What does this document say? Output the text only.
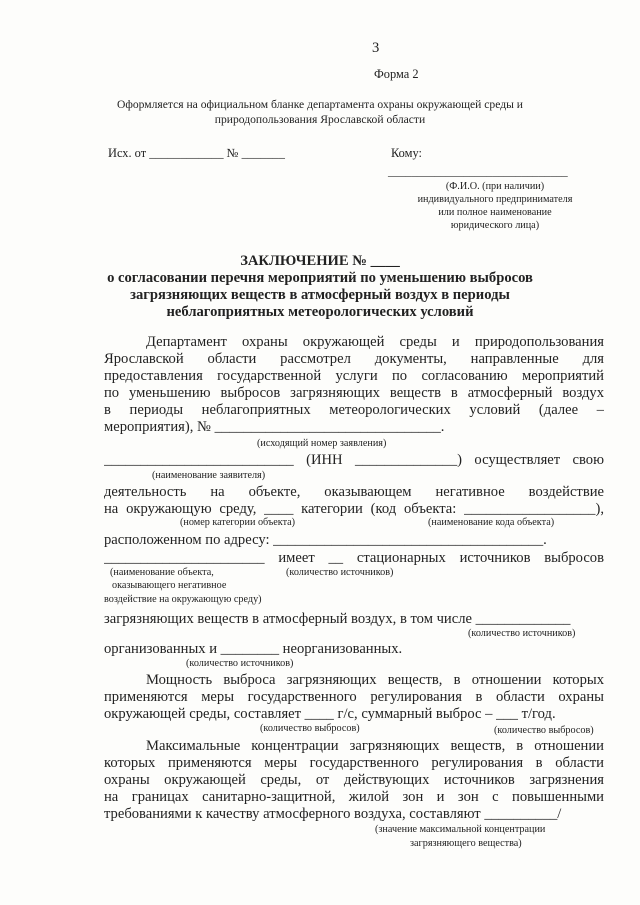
3
Форма 2
Оформляется на официальном бланке департамента охраны окружающей среды и
природопользования Ярославской области
Исх. от ____________ № _______	Кому:
_______________________________
(Ф.И.О. (при наличии)
индивидуального предпринимателя
или полное наименование
юридического лица)
ЗАКЛЮЧЕНИЕ № ____
о согласовании перечня мероприятий по уменьшению выбросов
загрязняющих веществ в атмосферный воздух в периоды
неблагоприятных метеорологических условий
Департамент охраны окружающей среды и природопользования
Ярославской области рассмотрел документы, направленные для
предоставления государственной услуги по согласованию мероприятий
по уменьшению выбросов загрязняющих веществ в атмосферный воздух
в периоды неблагоприятных метеорологических условий (далее –
мероприятия), № _______________________________.
(исходящий номер заявления)
__________________________ (ИНН ______________) осуществляет свою
(наименование заявителя)
деятельность на объекте, оказывающем негативное воздействие
на окружающую среду, ____ категории (код объекта: __________________),
(номер категории объекта)	(наименование кода объекта)
расположенном по адресу: _____________________________________.
______________________ имеет __ стационарных источников выбросов
(наименование объекта,
оказывающего негативное
воздействие на окружающую среду)
(количество источников)
загрязняющих веществ в атмосферный воздух, в том числе _____________
(количество источников)
организованных и ________ неорганизованных.
(количество источников)
Мощность выброса загрязняющих веществ, в отношении которых
применяются меры государственного регулирования в области охраны
окружающей среды, составляет ____ г/с, суммарный выброс – ___ т/год.
(количество выбросов)	(количество выбросов)
Максимальные концентрации загрязняющих веществ, в отношении
которых применяются меры государственного регулирования в области
охраны окружающей среды, от действующих источников загрязнения
на границах санитарно-защитной, жилой зон и зон с повышенными
требованиями к качеству атмосферного воздуха, составляют __________/
(значение максимальной концентрации
загрязняющего вещества)
